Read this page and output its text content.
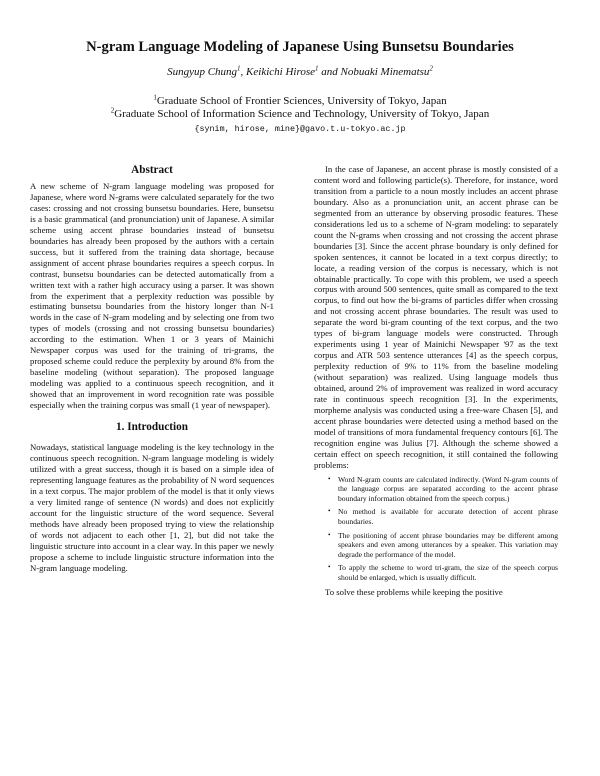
N-gram Language Modeling of Japanese Using Bunsetsu Boundaries
Sungyup Chung$^1$, Keikichi Hirose$^1$ and Nobuaki Minematsu$^2$
$^1$Graduate School of Frontier Sciences, University of Tokyo, Japan
$^2$Graduate School of Information Science and Technology, University of Tokyo, Japan
{synim, hirose, mine}@gavo.t.u-tokyo.ac.jp
Abstract

A new scheme of N-gram language modeling was proposed for Japanese, where word N-grams were calculated separately for the two cases: crossing and not crossing bunsetsu boundaries. Here, bunsetsu is a basic grammatical (and pronunciation) unit of Japanese. A similar scheme using accent phrase boundaries instead of bunsetsu boundaries has already been proposed by the authors with a certain success, but it suffered from the training data shortage, because assignment of accent phrase boundaries requires a speech corpus. In contrast, bunsetsu boundaries can be detected automatically from a written text with a rather high accuracy using a parser. It was shown from the experiment that a perplexity reduction was possible by estimating bunsetsu boundaries from the history longer than N-1 words in the case of N-gram modeling and by selecting one from two types of models (crossing and not crossing bunsetsu boundaries) according to the estimation. When 1 or 3 years of Mainichi Newspaper corpus was used for the training of tri-grams, the proposed scheme could reduce the perplexity by around 8% from the baseline modeling (without separation). The proposed language modeling was applied to a continuous speech recognition, and it showed that an improvement in word recognition rate was possible especially when the training corpus was small (1 year of newspaper).

1. Introduction

Nowadays, statistical language modeling is the key technology in the continuous speech recognition. N-gram language modeling is widely utilized with a great success, though it is based on a simple idea of representing language features as the probability of N word sequences in a text corpus. The major problem of the model is that it only views a very limited range of sentence (N words) and does not explicitly account for the linguistic structure of the word sequence. Several methods have already been proposed trying to view the relationship of words not adjacent to each other [1, 2], but did not take the linguistic structure into account in a clear way. In this paper we newly propose a scheme to include linguistic structure information into the N-gram language modeling.

In the case of Japanese, an accent phrase is mostly consisted of a content word and following particle(s). Therefore, for instance, word transition from a particle to a noun mostly includes an accent phrase boundary. Also as a pronunciation unit, an accent phrase can be segmented from an utterance by observing prosodic features. These considerations led us to a scheme of N-gram modeling: to separately count the N-grams when crossing and not crossing the accent phrase boundaries [3]. Since the accent phrase boundary is only defined for spoken sentences, it cannot be located in a text corpus directly; to locate, a reading version of the corpus is necessary, which is not obtainable practically. To cope with this problem, we used a speech corpus with around 500 sentences, quite small as compared to the text corpus, to find out how the bi-grams of particles differ when crossing and not crossing accent phrase boundaries. The result was used to separate the word bi-gram counting of the text corpus, and the two types of bi-gram language models were constructed. Through experiments using 1 year of Mainichi Newspaper '97 as the text corpus and ATR 503 sentence utterances [4] as the speech corpus, perplexity reduction of 9% to 11% from the baseline modeling (without separation) was realized. Using language models thus obtained, around 2% of improvement was realized in word accuracy rate in continuous speech recognition [3]. In the experiments, morpheme analysis was conducted using a free-ware Chasen [5], and accent phrase boundaries were detected using a method based on the model of transitions of mora fundamental frequency contours [6]. The recognition engine was Julius [7]. Although the scheme showed a certain effect on speech recognition, it still contained the following problems:

• Word N-gram counts are calculated indirectly. (Word N-gram counts of the language corpus are separated according to the accent phrase boundary information obtained from the speech corpus.)
• No method is available for accurate detection of accent phrase boundaries.
• The positioning of accent phrase boundaries may be different among speakers and even among utterances by a speaker. This variation may degrade the performance of the model.
• To apply the scheme to word tri-gram, the size of the speech corpus should be enlarged, which is usually difficult.

To solve these problems while keeping the positive
